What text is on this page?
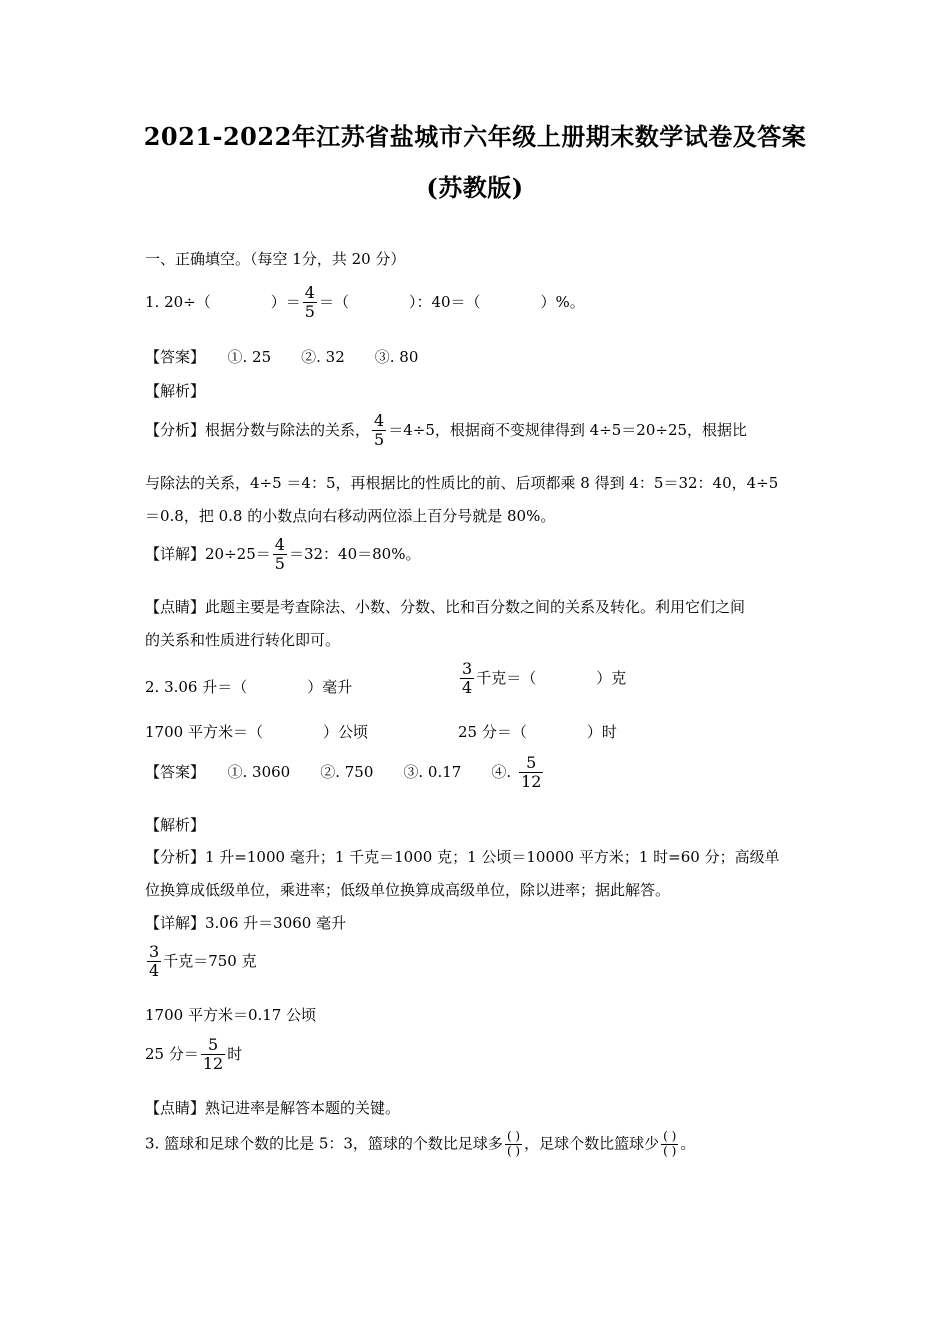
2021-2022年江苏省盐城市六年级上册期末数学试卷及答案
(苏教版)
一、正确填空。（每空 1分，共 20 分）
1. 20÷（　　　　）＝ $\frac{4}{5}$ ＝（　　　　）：40＝（　　　　）%。
【答案】　　①. 25　　②. 32　　③. 80
【解析】
【分析】根据分数与除法的关系， $\frac{4}{5} =4\div 5$，根据商不变规律得到 4÷5＝20÷25，根据比
与除法的关系，4÷5 ＝4：5，再根据比的性质比的前、后项都乘 8 得到 4：5＝32：40，4÷5
＝0.8，把 0.8 的小数点向右移动两位添上百分号就是 80%。
【详解】$20\div 25= \frac{4}{5} =32$：40＝80%。
【点睛】此题主要是考查除法、小数、分数、比和百分数之间的关系及转化。利用它们之间
的关系和性质进行转化即可。
2. 3.06 升＝（　　　　）毫升	$\frac{3}{4}$ 千克＝（　　　　）克
1700 平方米＝（　　　　）公顷	25 分＝（　　　　）时
【答案】　　①. 3060　　②. 750　　③. 0.17　　④. $\frac{5}{12}$
【解析】
【分析】1 升=1000 毫升；1 千克＝1000 克；1 公顷＝10000 平方米；1 时=60 分；高级单
位换算成低级单位，乘进率；低级单位换算成高级单位，除以进率；据此解答。
【详解】3.06 升＝3060 毫升
$\frac{3}{4}$ 千克＝750 克
1700 平方米＝0.17 公顷
25 分＝ $\frac{5}{12}$ 时
【点睛】熟记进率是解答本题的关键。
3. 篮球和足球个数的比是 5：3，篮球的个数比足球多 $\frac{( )}{( )}$ ，足球个数比篮球少 $\frac{( )}{( )}$ 。
